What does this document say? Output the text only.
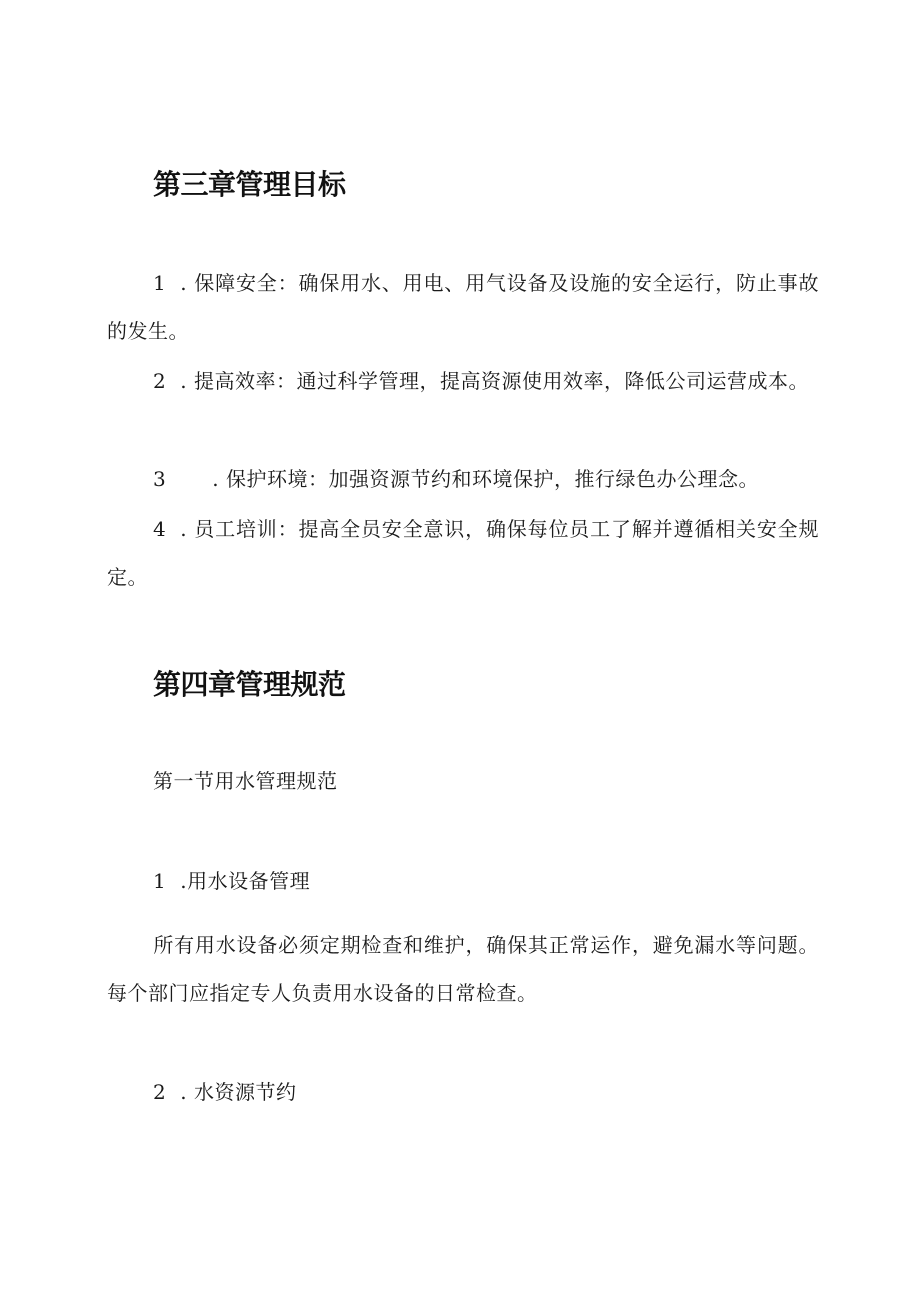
第三章管理目标

1 . 保障安全：确保用水、用电、用气设备及设施的安全运行，防止事故的发生。

2 . 提高效率：通过科学管理，提高资源使用效率，降低公司运营成本。

3 . 保护环境：加强资源节约和环境保护，推行绿色办公理念。

4 . 员工培训：提高全员安全意识，确保每位员工了解并遵循相关安全规定。

第四章管理规范

第一节用水管理规范

1 .用水设备管理

所有用水设备必须定期检查和维护，确保其正常运作，避免漏水等问题。每个部门应指定专人负责用水设备的日常检查。

2 . 水资源节约
